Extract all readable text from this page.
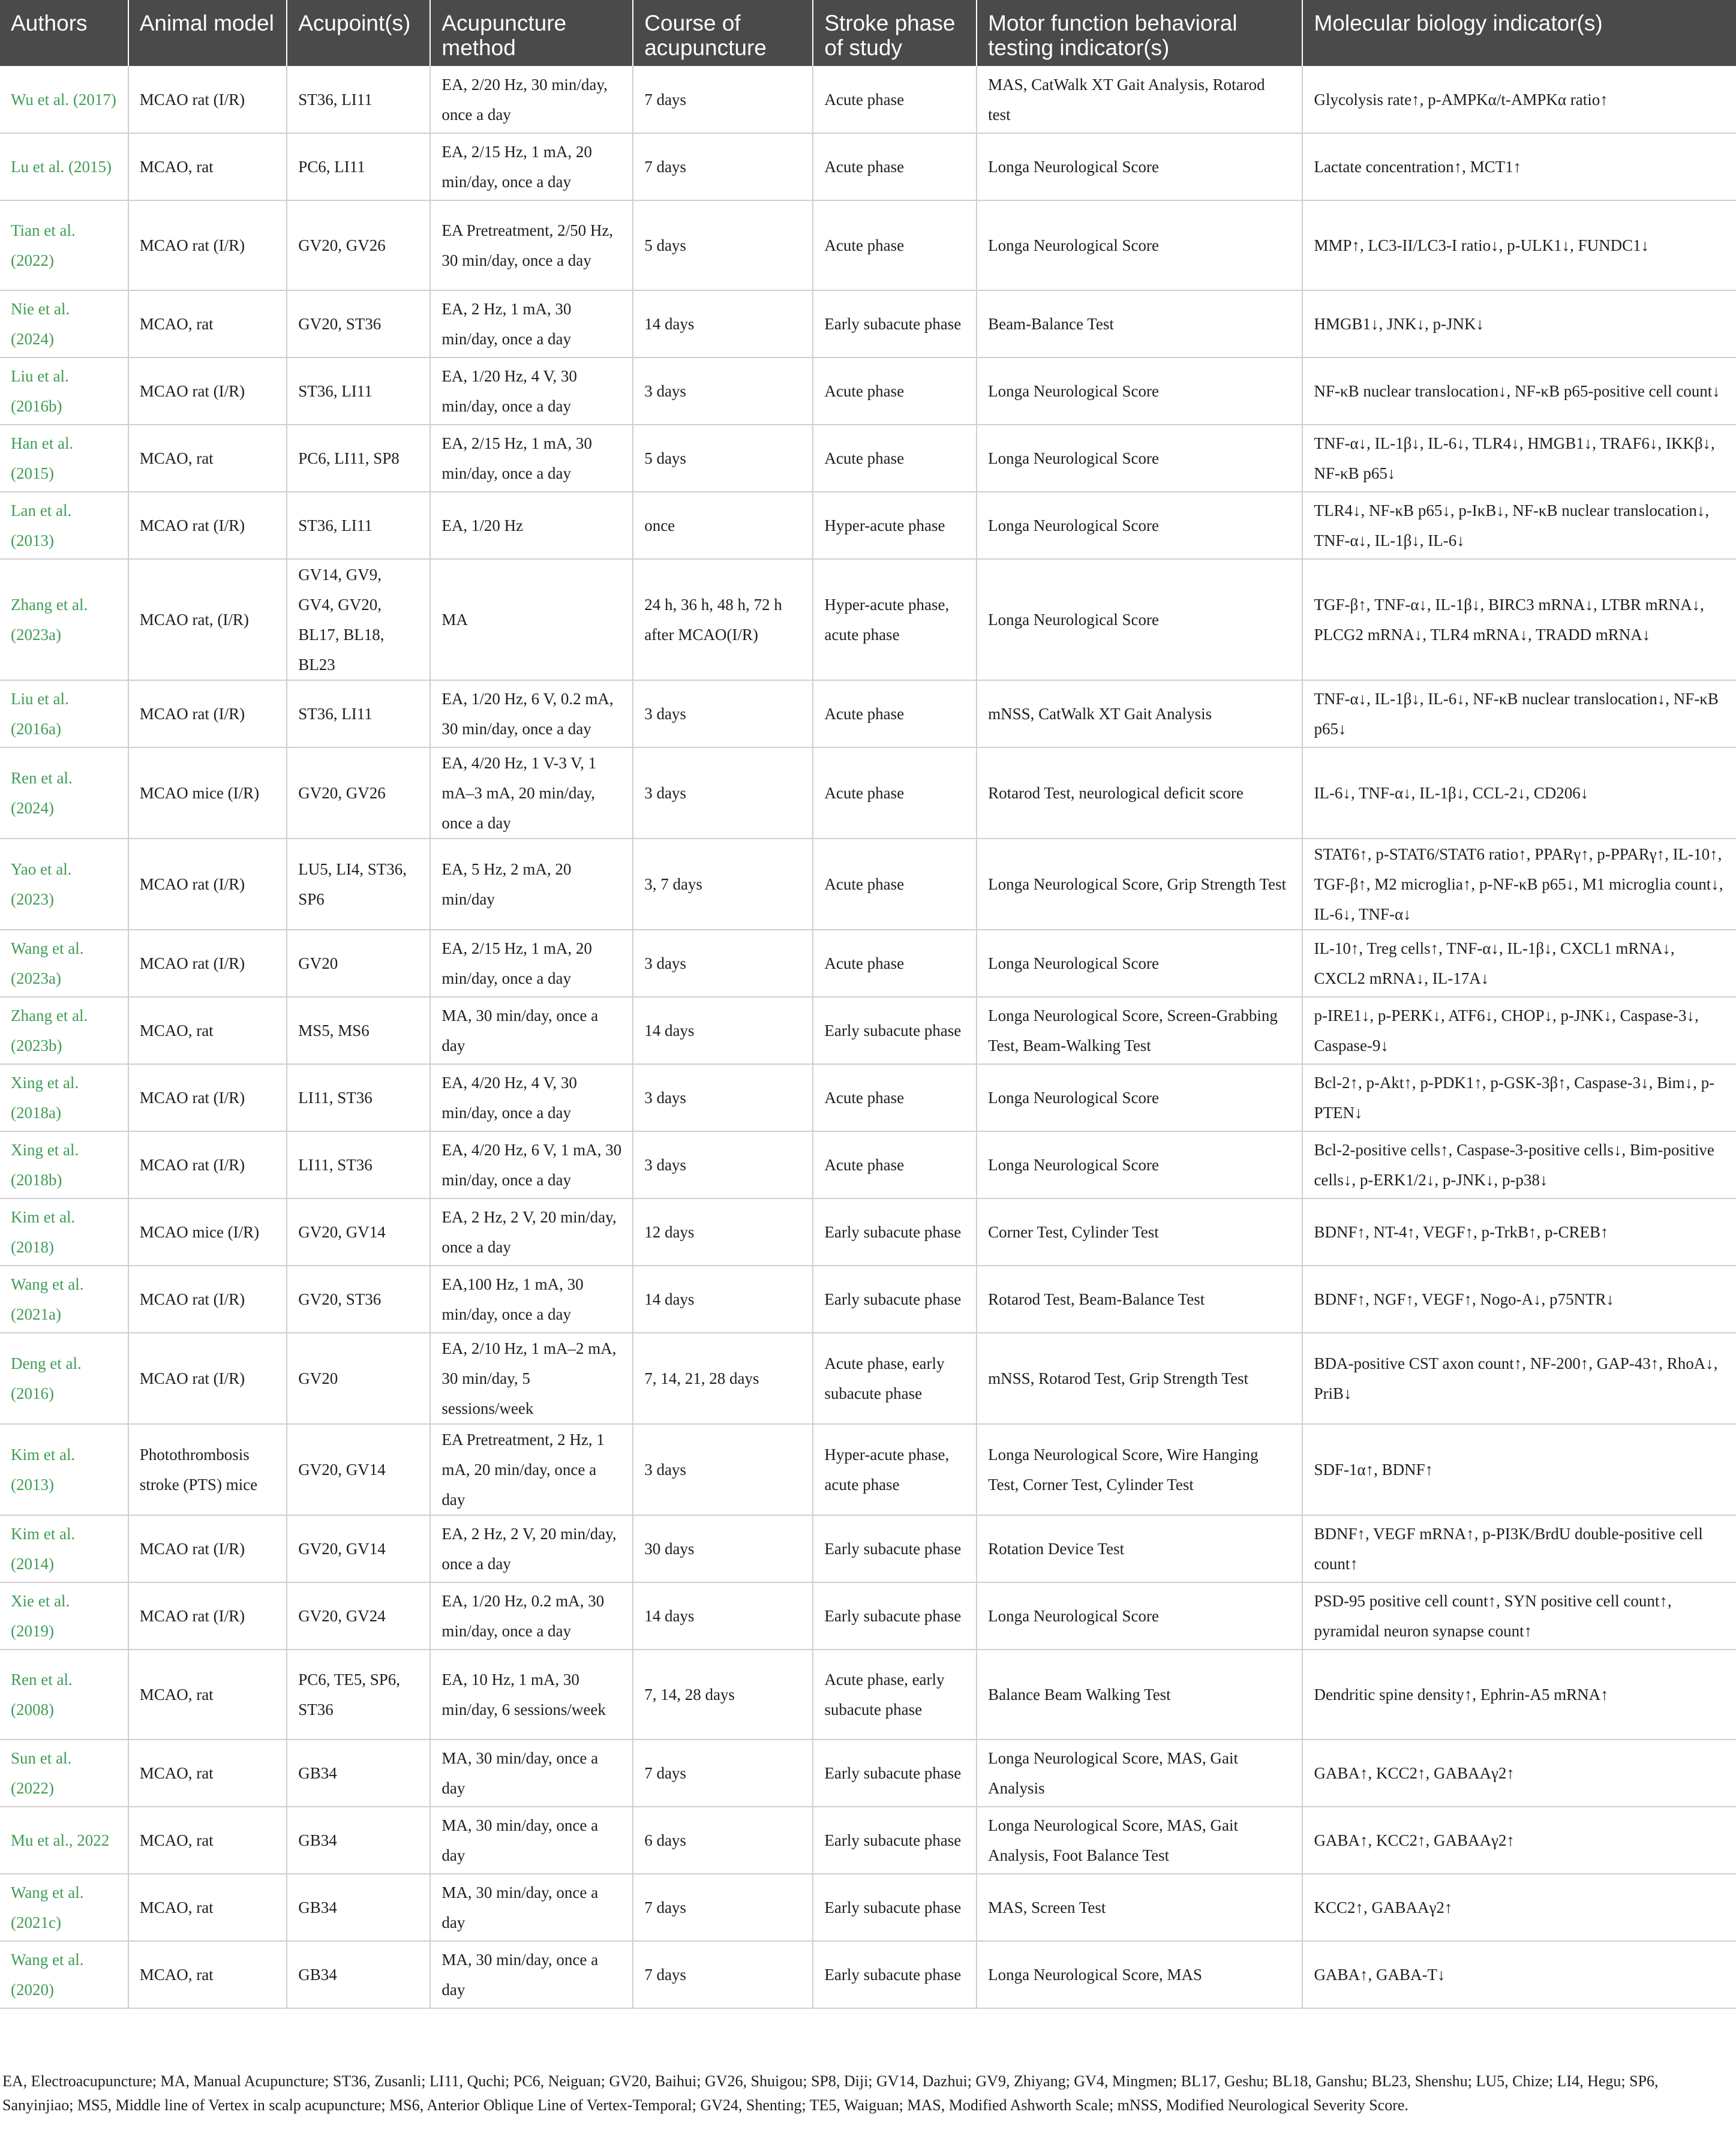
Authors	Animal model	Acupoint(s)	Acupuncture method	Course of acupuncture	Stroke phase of study	Motor function behavioral testing indicator(s)	Molecular biology indicator(s)
Wu et al. (2017)	MCAO rat (I/R)	ST36, LI11	EA, 2/20 Hz, 30 min/day, once a day	7 days	Acute phase	MAS, CatWalk XT Gait Analysis, Rotarod test	Glycolysis rate↑, p-AMPKα/t-AMPKα ratio↑
Lu et al. (2015)	MCAO, rat	PC6, LI11	EA, 2/15 Hz, 1 mA, 20 min/day, once a day	7 days	Acute phase	Longa Neurological Score	Lactate concentration↑, MCT1↑
Tian et al. (2022)	MCAO rat (I/R)	GV20, GV26	EA Pretreatment, 2/50 Hz, 30 min/day, once a day	5 days	Acute phase	Longa Neurological Score	MMP↑, LC3-II/LC3-I ratio↓, p-ULK1↓, FUNDC1↓
Nie et al. (2024)	MCAO, rat	GV20, ST36	EA, 2 Hz, 1 mA, 30 min/day, once a day	14 days	Early subacute phase	Beam-Balance Test	HMGB1↓, JNK↓, p-JNK↓
Liu et al. (2016b)	MCAO rat (I/R)	ST36, LI11	EA, 1/20 Hz, 4 V, 30 min/day, once a day	3 days	Acute phase	Longa Neurological Score	NF-κB nuclear translocation↓, NF-κB p65-positive cell count↓
Han et al. (2015)	MCAO, rat	PC6, LI11, SP8	EA, 2/15 Hz, 1 mA, 30 min/day, once a day	5 days	Acute phase	Longa Neurological Score	TNF-α↓, IL-1β↓, IL-6↓, TLR4↓, HMGB1↓, TRAF6↓, IKKβ↓, NF-κB p65↓
Lan et al. (2013)	MCAO rat (I/R)	ST36, LI11	EA, 1/20 Hz	once	Hyper-acute phase	Longa Neurological Score	TLR4↓, NF-κB p65↓, p-IκB↓, NF-κB nuclear translocation↓, TNF-α↓, IL-1β↓, IL-6↓
Zhang et al. (2023a)	MCAO rat, (I/R)	GV14, GV9, GV4, GV20, BL17, BL18, BL23	MA	24 h, 36 h, 48 h, 72 h after MCAO(I/R)	Hyper-acute phase, acute phase	Longa Neurological Score	TGF-β↑, TNF-α↓, IL-1β↓, BIRC3 mRNA↓, LTBR mRNA↓, PLCG2 mRNA↓, TLR4 mRNA↓, TRADD mRNA↓
Liu et al. (2016a)	MCAO rat (I/R)	ST36, LI11	EA, 1/20 Hz, 6 V, 0.2 mA, 30 min/day, once a day	3 days	Acute phase	mNSS, CatWalk XT Gait Analysis	TNF-α↓, IL-1β↓, IL-6↓, NF-κB nuclear translocation↓, NF-κB p65↓
Ren et al. (2024)	MCAO mice (I/R)	GV20, GV26	EA, 4/20 Hz, 1 V-3 V, 1 mA–3 mA, 20 min/day, once a day	3 days	Acute phase	Rotarod Test, neurological deficit score	IL-6↓, TNF-α↓, IL-1β↓, CCL-2↓, CD206↓
Yao et al. (2023)	MCAO rat (I/R)	LU5, LI4, ST36, SP6	EA, 5 Hz, 2 mA, 20 min/day	3, 7 days	Acute phase	Longa Neurological Score, Grip Strength Test	STAT6↑, p-STAT6/STAT6 ratio↑, PPARγ↑, p-PPARγ↑, IL-10↑, TGF-β↑, M2 microglia↑, p-NF-κB p65↓, M1 microglia count↓, IL-6↓, TNF-α↓
Wang et al. (2023a)	MCAO rat (I/R)	GV20	EA, 2/15 Hz, 1 mA, 20 min/day, once a day	3 days	Acute phase	Longa Neurological Score	IL-10↑, Treg cells↑, TNF-α↓, IL-1β↓, CXCL1 mRNA↓, CXCL2 mRNA↓, IL-17A↓
Zhang et al. (2023b)	MCAO, rat	MS5, MS6	MA, 30 min/day, once a day	14 days	Early subacute phase	Longa Neurological Score, Screen-Grabbing Test, Beam-Walking Test	p-IRE1↓, p-PERK↓, ATF6↓, CHOP↓, p-JNK↓, Caspase-3↓, Caspase-9↓
Xing et al. (2018a)	MCAO rat (I/R)	LI11, ST36	EA, 4/20 Hz, 4 V, 30 min/day, once a day	3 days	Acute phase	Longa Neurological Score	Bcl-2↑, p-Akt↑, p-PDK1↑, p-GSK-3β↑, Caspase-3↓, Bim↓, p-PTEN↓
Xing et al. (2018b)	MCAO rat (I/R)	LI11, ST36	EA, 4/20 Hz, 6 V, 1 mA, 30 min/day, once a day	3 days	Acute phase	Longa Neurological Score	Bcl-2-positive cells↑, Caspase-3-positive cells↓, Bim-positive cells↓, p-ERK1/2↓, p-JNK↓, p-p38↓
Kim et al. (2018)	MCAO mice (I/R)	GV20, GV14	EA, 2 Hz, 2 V, 20 min/day, once a day	12 days	Early subacute phase	Corner Test, Cylinder Test	BDNF↑, NT-4↑, VEGF↑, p-TrkB↑, p-CREB↑
Wang et al. (2021a)	MCAO rat (I/R)	GV20, ST36	EA,100 Hz, 1 mA, 30 min/day, once a day	14 days	Early subacute phase	Rotarod Test, Beam-Balance Test	BDNF↑, NGF↑, VEGF↑, Nogo-A↓, p75NTR↓
Deng et al. (2016)	MCAO rat (I/R)	GV20	EA, 2/10 Hz, 1 mA–2 mA, 30 min/day, 5 sessions/week	7, 14, 21, 28 days	Acute phase, early subacute phase	mNSS, Rotarod Test, Grip Strength Test	BDA-positive CST axon count↑, NF-200↑, GAP-43↑, RhoA↓, PriB↓
Kim et al. (2013)	Photothrombosis stroke (PTS) mice	GV20, GV14	EA Pretreatment, 2 Hz, 1 mA, 20 min/day, once a day	3 days	Hyper-acute phase, acute phase	Longa Neurological Score, Wire Hanging Test, Corner Test, Cylinder Test	SDF-1α↑, BDNF↑
Kim et al. (2014)	MCAO rat (I/R)	GV20, GV14	EA, 2 Hz, 2 V, 20 min/day, once a day	30 days	Early subacute phase	Rotation Device Test	BDNF↑, VEGF mRNA↑, p-PI3K/BrdU double-positive cell count↑
Xie et al. (2019)	MCAO rat (I/R)	GV20, GV24	EA, 1/20 Hz, 0.2 mA, 30 min/day, once a day	14 days	Early subacute phase	Longa Neurological Score	PSD-95 positive cell count↑, SYN positive cell count↑, pyramidal neuron synapse count↑
Ren et al. (2008)	MCAO, rat	PC6, TE5, SP6, ST36	EA, 10 Hz, 1 mA, 30 min/day, 6 sessions/week	7, 14, 28 days	Acute phase, early subacute phase	Balance Beam Walking Test	Dendritic spine density↑, Ephrin-A5 mRNA↑
Sun et al. (2022)	MCAO, rat	GB34	MA, 30 min/day, once a day	7 days	Early subacute phase	Longa Neurological Score, MAS, Gait Analysis	GABA↑, KCC2↑, GABAAγ2↑
Mu et al., 2022	MCAO, rat	GB34	MA, 30 min/day, once a day	6 days	Early subacute phase	Longa Neurological Score, MAS, Gait Analysis, Foot Balance Test	GABA↑, KCC2↑, GABAAγ2↑
Wang et al. (2021c)	MCAO, rat	GB34	MA, 30 min/day, once a day	7 days	Early subacute phase	MAS, Screen Test	KCC2↑, GABAAγ2↑
Wang et al. (2020)	MCAO, rat	GB34	MA, 30 min/day, once a day	7 days	Early subacute phase	Longa Neurological Score, MAS	GABA↑, GABA-T↓
EA, Electroacupuncture; MA, Manual Acupuncture; ST36, Zusanli; LI11, Quchi; PC6, Neiguan; GV20, Baihui; GV26, Shuigou; SP8, Diji; GV14, Dazhui; GV9, Zhiyang; GV4, Mingmen; BL17, Geshu; BL18, Ganshu; BL23, Shenshu; LU5, Chize; LI4, Hegu; SP6, Sanyinjiao; MS5, Middle line of Vertex in scalp acupuncture; MS6, Anterior Oblique Line of Vertex-Temporal; GV24, Shenting; TE5, Waiguan; MAS, Modified Ashworth Scale; mNSS, Modified Neurological Severity Score.
